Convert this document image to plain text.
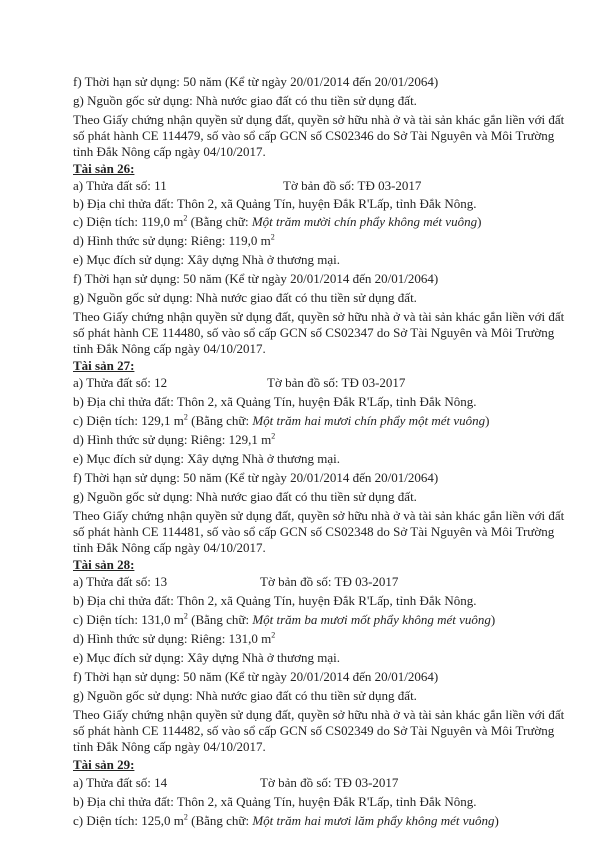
f) Thời hạn sử dụng: 50 năm (Kể từ ngày 20/01/2014 đến 20/01/2064)
g) Nguồn gốc sử dụng: Nhà nước giao đất có thu tiền sử dụng đất.
Theo Giấy chứng nhận quyền sử dụng đất, quyền sở hữu nhà ở và tài sản khác gắn liền với đất
số phát hành CE 114479, số vào sổ cấp GCN số CS02346 do Sở Tài Nguyên và Môi Trường
tỉnh Đắk Nông cấp ngày 04/10/2017.
Tài sản 26:
a) Thửa đất số: 11	Tờ bản đồ số: TĐ 03-2017
b) Địa chỉ thửa đất: Thôn 2, xã Quảng Tín, huyện Đắk R'Lấp, tỉnh Đắk Nông.
c) Diện tích: 119,0 $m^2$ (Bằng chữ: Một trăm mười chín phẩy không mét vuông)
d) Hình thức sử dụng: Riêng: 119,0 $m^2$
e) Mục đích sử dụng: Xây dựng Nhà ở thương mại.
f) Thời hạn sử dụng: 50 năm (Kể từ ngày 20/01/2014 đến 20/01/2064)
g) Nguồn gốc sử dụng: Nhà nước giao đất có thu tiền sử dụng đất.
Theo Giấy chứng nhận quyền sử dụng đất, quyền sở hữu nhà ở và tài sản khác gắn liền với đất
số phát hành CE 114480, số vào sổ cấp GCN số CS02347 do Sở Tài Nguyên và Môi Trường
tỉnh Đắk Nông cấp ngày 04/10/2017.
Tài sản 27:
a) Thửa đất số: 12	Tờ bản đồ số: TĐ 03-2017
b) Địa chỉ thửa đất: Thôn 2, xã Quảng Tín, huyện Đắk R'Lấp, tỉnh Đắk Nông.
c) Diện tích: 129,1 $m^2$ (Bằng chữ: Một trăm hai mươi chín phẩy một mét vuông)
d) Hình thức sử dụng: Riêng: 129,1 $m^2$
e) Mục đích sử dụng: Xây dựng Nhà ở thương mại.
f) Thời hạn sử dụng: 50 năm (Kể từ ngày 20/01/2014 đến 20/01/2064)
g) Nguồn gốc sử dụng: Nhà nước giao đất có thu tiền sử dụng đất.
Theo Giấy chứng nhận quyền sử dụng đất, quyền sở hữu nhà ở và tài sản khác gắn liền với đất
số phát hành CE 114481, số vào sổ cấp GCN số CS02348 do Sở Tài Nguyên và Môi Trường
tỉnh Đắk Nông cấp ngày 04/10/2017.
Tài sản 28:
a) Thửa đất số: 13	Tờ bản đồ số: TĐ 03-2017
b) Địa chỉ thửa đất: Thôn 2, xã Quảng Tín, huyện Đắk R'Lấp, tỉnh Đắk Nông.
c) Diện tích: 131,0 $m^2$ (Bằng chữ: Một trăm ba mươi mốt phẩy không mét vuông)
d) Hình thức sử dụng: Riêng: 131,0 $m^2$
e) Mục đích sử dụng: Xây dựng Nhà ở thương mại.
f) Thời hạn sử dụng: 50 năm (Kể từ ngày 20/01/2014 đến 20/01/2064)
g) Nguồn gốc sử dụng: Nhà nước giao đất có thu tiền sử dụng đất.
Theo Giấy chứng nhận quyền sử dụng đất, quyền sở hữu nhà ở và tài sản khác gắn liền với đất
số phát hành CE 114482, số vào sổ cấp GCN số CS02349 do Sở Tài Nguyên và Môi Trường
tỉnh Đắk Nông cấp ngày 04/10/2017.
Tài sản 29:
a) Thửa đất số: 14	Tờ bản đồ số: TĐ 03-2017
b) Địa chỉ thửa đất: Thôn 2, xã Quảng Tín, huyện Đắk R'Lấp, tỉnh Đắk Nông.
c) Diện tích: 125,0 $m^2$ (Bằng chữ: Một trăm hai mươi lăm phẩy không mét vuông)
